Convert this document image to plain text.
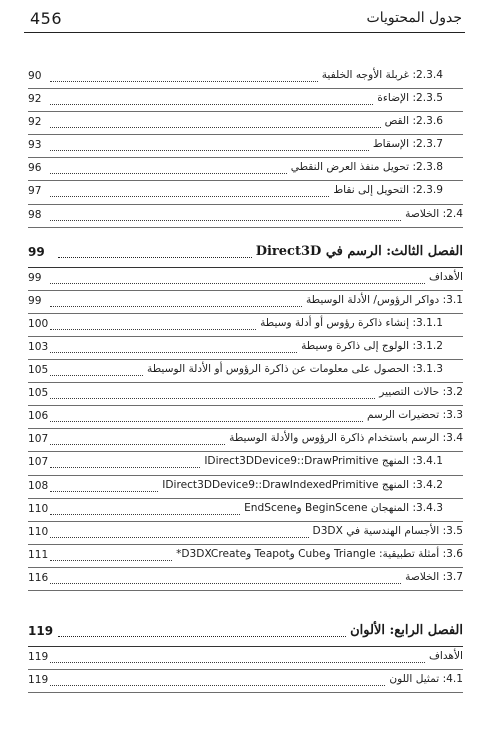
456	جدول المحتويات
2.3.4: غربلة الأوجه الخلفية
90
2.3.5: الإضاءة
92
2.3.6: القص
92
2.3.7: الإسقاط
93
2.3.8: تحويل منفذ العرض النقطي
96
2.3.9: التحويل إلى نقاط
97
2.4: الخلاصة
98
الفصل الثالث: الرسم في Direct3D
99
الأهداف
99
3.1: دواكر الرؤوس/ الأدلة الوسيطة
99
3.1.1: إنشاء ذاكرة رؤوس أو أدلة وسيطة
100
3.1.2: الولوج إلى ذاكرة وسيطة
103
3.1.3: الحصول على معلومات عن ذاكرة الرؤوس أو الأدلة الوسيطة
105
3.2: حالات التصيير
105
3.3: تحضيرات الرسم
106
3.4: الرسم باستخدام ذاكرة الرؤوس والأدلة الوسيطة
107
3.4.1: المنهج IDirect3DDevice9::DrawPrimitive
107
3.4.2: المنهج IDirect3DDevice9::DrawIndexedPrimitive
108
3.4.3: المنهجان BeginScene وEndScene
110
3.5: الأجسام الهندسية في D3DX
110
3.6: أمثلة تطبيقية: Triangle وCube وTeapot وD3DXCreate*
111
3.7: الخلاصة
116
الفصل الرابع: الألوان
119
الأهداف
119
4.1: تمثيل اللون
119
